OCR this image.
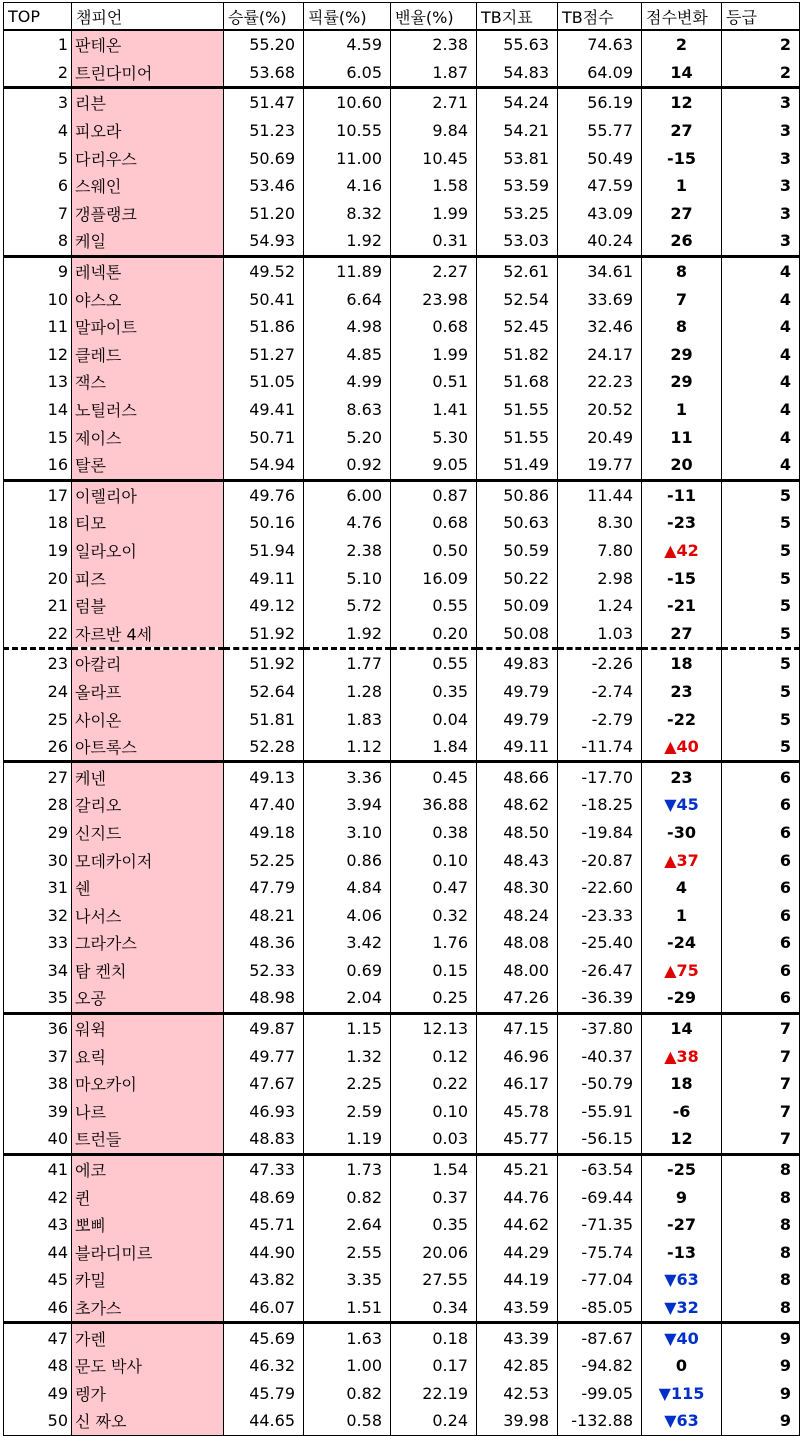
TOP	챔피언	승률(%)	픽률(%)	밴율(%)	TB지표	TB점수	점수변화	등급
1	판테온	55.20	4.59	2.38	55.63	74.63	2	2
2	트린다미어	53.68	6.05	1.87	54.83	64.09	14	2
3	리븐	51.47	10.60	2.71	54.24	56.19	12	3
4	피오라	51.23	10.55	9.84	54.21	55.77	27	3
5	다리우스	50.69	11.00	10.45	53.81	50.49	-15	3
6	스웨인	53.46	4.16	1.58	53.59	47.59	1	3
7	갱플랭크	51.20	8.32	1.99	53.25	43.09	27	3
8	케일	54.93	1.92	0.31	53.03	40.24	26	3
9	레넥톤	49.52	11.89	2.27	52.61	34.61	8	4
10	야스오	50.41	6.64	23.98	52.54	33.69	7	4
11	말파이트	51.86	4.98	0.68	52.45	32.46	8	4
12	클레드	51.27	4.85	1.99	51.82	24.17	29	4
13	잭스	51.05	4.99	0.51	51.68	22.23	29	4
14	노틸러스	49.41	8.63	1.41	51.55	20.52	1	4
15	제이스	50.71	5.20	5.30	51.55	20.49	11	4
16	탈론	54.94	0.92	9.05	51.49	19.77	20	4
17	이렐리아	49.76	6.00	0.87	50.86	11.44	-11	5
18	티모	50.16	4.76	0.68	50.63	8.30	-23	5
19	일라오이	51.94	2.38	0.50	50.59	7.80	▲42	5
20	피즈	49.11	5.10	16.09	50.22	2.98	-15	5
21	럼블	49.12	5.72	0.55	50.09	1.24	-21	5
22	자르반 4세	51.92	1.92	0.20	50.08	1.03	27	5
23	아칼리	51.92	1.77	0.55	49.83	-2.26	18	5
24	올라프	52.64	1.28	0.35	49.79	-2.74	23	5
25	사이온	51.81	1.83	0.04	49.79	-2.79	-22	5
26	아트록스	52.28	1.12	1.84	49.11	-11.74	▲40	5
27	케넨	49.13	3.36	0.45	48.66	-17.70	23	6
28	갈리오	47.40	3.94	36.88	48.62	-18.25	▼45	6
29	신지드	49.18	3.10	0.38	48.50	-19.84	-30	6
30	모데카이저	52.25	0.86	0.10	48.43	-20.87	▲37	6
31	쉔	47.79	4.84	0.47	48.30	-22.60	4	6
32	나서스	48.21	4.06	0.32	48.24	-23.33	1	6
33	그라가스	48.36	3.42	1.76	48.08	-25.40	-24	6
34	탐 켄치	52.33	0.69	0.15	48.00	-26.47	▲75	6
35	오공	48.98	2.04	0.25	47.26	-36.39	-29	6
36	워윅	49.87	1.15	12.13	47.15	-37.80	14	7
37	요릭	49.77	1.32	0.12	46.96	-40.37	▲38	7
38	마오카이	47.67	2.25	0.22	46.17	-50.79	18	7
39	나르	46.93	2.59	0.10	45.78	-55.91	-6	7
40	트런들	48.83	1.19	0.03	45.77	-56.15	12	7
41	에코	47.33	1.73	1.54	45.21	-63.54	-25	8
42	퀸	48.69	0.82	0.37	44.76	-69.44	9	8
43	뽀삐	45.71	2.64	0.35	44.62	-71.35	-27	8
44	블라디미르	44.90	2.55	20.06	44.29	-75.74	-13	8
45	카밀	43.82	3.35	27.55	44.19	-77.04	▼63	8
46	초가스	46.07	1.51	0.34	43.59	-85.05	▼32	8
47	가렌	45.69	1.63	0.18	43.39	-87.67	▼40	9
48	문도 박사	46.32	1.00	0.17	42.85	-94.82	0	9
49	렝가	45.79	0.82	22.19	42.53	-99.05	▼115	9
50	신 짜오	44.65	0.58	0.24	39.98	-132.88	▼63	9
